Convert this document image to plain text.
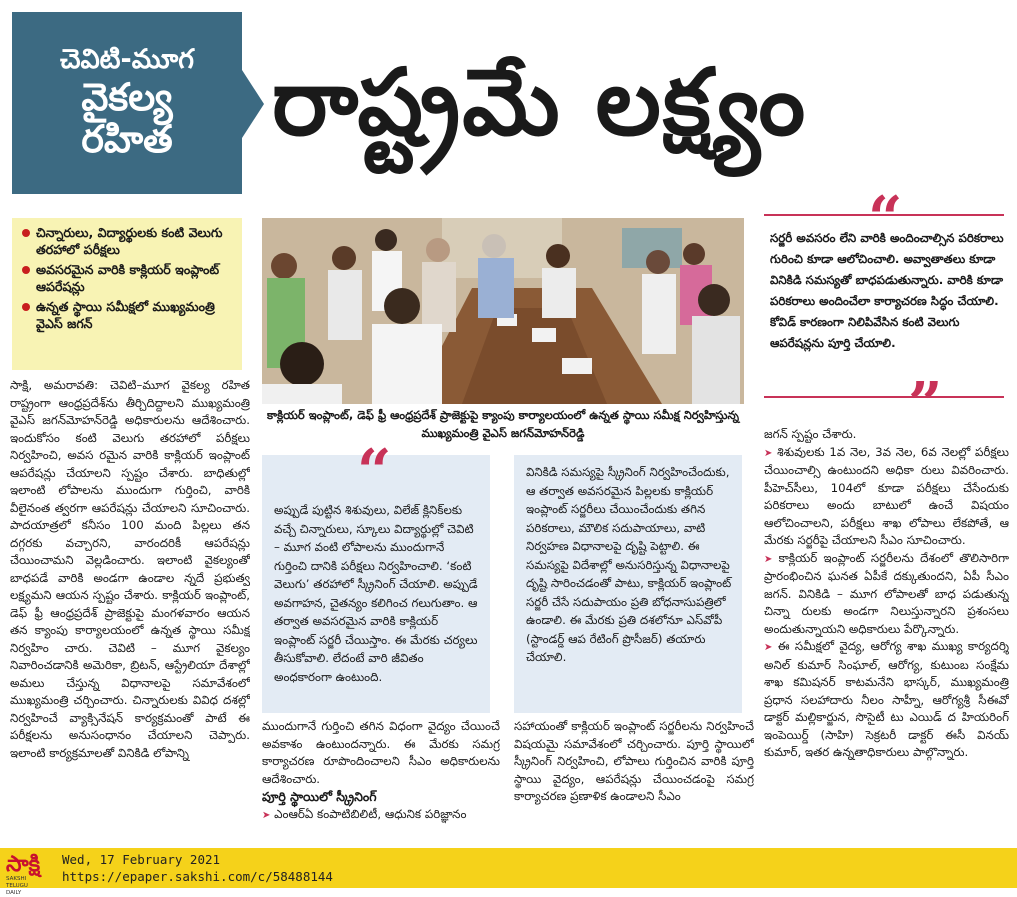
చెవిటి-మూగ
వైకల్య
రహిత రాష్ట్రమే లక్ష్యం
చిన్నారులు, విద్యార్థులకు కంటి వెలుగు తరహాలో పరీక్షలు
అవసరమైన వారికి కాక్లియర్ ఇంప్లాంట్ ఆపరేషన్లు
ఉన్నత స్థాయి సమీక్షలో ముఖ్యమంత్రి వైఎస్ జగన్
సాక్షి, అమరావతి: చెవిటి–మూగ వైకల్య రహిత రాష్ట్రంగా ఆంధ్రప్రదేశ్‌ను తీర్చిదిద్దాలని ముఖ్యమంత్రి వైఎస్ జగన్‌మోహన్‌రెడ్డి అధికారులను ఆదేశించారు. ఇందుకోసం కంటి వెలుగు తరహాలో పరీక్షలు నిర్వహించి, అవస రమైన వారికి కాక్లియర్ ఇంప్లాంట్ ఆపరేషన్లు చేయాలని స్పష్టం చేశారు. బాధితుల్లో ఇలాంటి లోపాలను ముందుగా గుర్తించి, వారికి వీలైనంత త్వరగా ఆపరేషన్లు చేయాలని సూచించారు. పాదయాత్రలో కనీసం 100 మంది పిల్లలు తన దగ్గరకు వచ్చారని, వారందరికీ ఆపరేషన్లు చేయించామని వెల్లడించారు. ఇలాంటి వైకల్యంతో బాధపడే వారికి అండగా ఉండాల న్నదే ప్రభుత్వ లక్ష్యమని ఆయన స్పష్టం చేశారు. కాక్లియర్ ఇంప్లాంట్, డెఫ్ ఫ్రీ ఆంధ్రప్రదేశ్ ప్రాజెక్టుపై మంగళవారం ఆయన తన క్యాంపు కార్యాలయంలో ఉన్నత స్థాయి సమీక్ష నిర్వహిం చారు. చెవిటి – మూగ వైకల్యం నివారించడానికి అమెరికా, బ్రిటన్, ఆస్ట్రేలియా దేశాల్లో అమలు చేస్తున్న విధానాలపై సమావేశంలో ముఖ్యమంత్రి చర్చించారు. చిన్నారులకు వివిధ దశల్లో నిర్వహించే వ్యాక్సినేషన్ కార్యక్రమంతో పాటే ఈ పరీక్షలను అనుసంధానం చేయాలని చెప్పారు. ఇలాంటి కార్యక్రమాలతో వినికిడి లోపాన్ని
కాక్లియర్ ఇంప్లాంట్, డెఫ్ ఫ్రీ ఆంధ్రప్రదేశ్ ప్రాజెక్టుపై క్యాంపు కార్యాలయంలో ఉన్నత స్థాయి సమీక్ష నిర్వహిస్తున్న ముఖ్యమంత్రి వైఎస్ జగన్‌మోహన్‌రెడ్డి
“
అప్పుడే పుట్టిన శిశువులు, విలేజ్ క్లినిక్‌లకు వచ్చే చిన్నారులు, స్కూలు విద్యార్థుల్లో చెవిటి – మూగ వంటి లోపాలను ముందుగానే గుర్తించి దానికి పరీక్షలు నిర్వహించాలి. ‘కంటి వెలుగు’ తరహాలో స్క్రీనింగ్ చేయాలి. అప్పుడే అవగాహన, చైతన్యం కలిగించ గలుగుతాం. ఆ తర్వాత అవసరమైన వారికి కాక్లియర్ ఇంప్లాంట్ సర్జరీ చేయిస్తాం. ఈ మేరకు చర్యలు తీసుకోవాలి. లేదంటే వారి జీవితం అంధకారంగా ఉంటుంది.
వినికిడి సమస్యపై స్క్రీనింగ్ నిర్వహించేందుకు, ఆ తర్వాత అవసరమైన పిల్లలకు కాక్లియర్ ఇంప్లాంట్ సర్జరీలు చేయించేందుకు తగిన పరికరాలు, మౌలిక సదుపాయాలు, వాటి నిర్వహణ విధానాలపై దృష్టి పెట్టాలి. ఈ సమస్యపై విదేశాల్లో అనుసరిస్తున్న విధానాలపై దృష్టి సారించడంతో పాటు, కాక్లియర్ ఇంప్లాంట్ సర్జరీ చేసే సదుపాయం ప్రతి బోధనాసుపత్రిలో ఉండాలి. ఈ మేరకు ప్రతి దశలోనూ ఎస్‌వోపీ (స్టాండర్డ్ ఆప రేటింగ్ ప్రొసీజర్) తయారు చేయాలి.
ముందుగానే గుర్తించి తగిన విధంగా వైద్యం చేయించే అవకాశం ఉంటుందన్నారు. ఈ మేరకు సమగ్ర కార్యాచరణ రూపొందించాలని సీఎం అధికారులను ఆదేశించారు.
పూర్తి స్థాయిలో స్క్రీనింగ్
➤ ఎంఆర్‌ఏ కంపాటిబిలిటీ, ఆధునిక పరిజ్ఞానం
సహాయంతో కాక్లియర్ ఇంప్లాంట్ సర్జరీలను నిర్వహించే విషయమై సమావేశంలో చర్చించారు. పూర్తి స్థాయిలో స్క్రీనింగ్ నిర్వహించి, లోపాలు గుర్తించిన వారికి పూర్తి స్థాయి వైద్యం, ఆపరేషన్లు చేయించడంపై సమగ్ర కార్యాచరణ ప్రణాళిక ఉండాలని సీఎం
“
సర్జరీ అవసరం లేని వారికి అందించాల్సిన పరికరాలు గురించి కూడా ఆలోచించాలి. అవ్వాతాతలు కూడా వినికిడి సమస్యతో బాధపడుతున్నారు. వారికి కూడా పరికరాలు అందించేలా కార్యాచరణ సిద్ధం చేయాలి. కోవిడ్ కారణంగా నిలిపివేసిన కంటి వెలుగు ఆపరేషన్లను పూర్తి చేయాలి.
”
జగన్ స్పష్టం చేశారు.
➤ శిశువులకు 1వ నెల, 3వ నెల, 6వ నెలల్లో పరీక్షలు చేయించాల్సి ఉంటుందని అధికా రులు వివరించారు. పీహెచ్‌సీలు, 104లో కూడా పరీక్షలు చేసేందుకు పరికరాలు అందు బాటులో ఉంచే విషయం ఆలోచించాలని, పరీక్షలు శాఖ లోపాలు లేకపోతే, ఆ మేరకు సర్జరీపై చేయాలని సీఎం సూచించారు.
➤ కాక్లియర్ ఇంప్లాంట్ సర్జరీలను దేశంలో తొలిసారిగా ప్రారంభించిన ఘనత ఏపీకే దక్కుతుందని, ఏపీ సీఎం జగన్. వినికిడి – మూగ లోపాలతో బాధ పడుతున్న చిన్నా రులకు అండగా నిలుస్తున్నారని ప్రశంసలు అందుతున్నాయని అధికారులు పేర్కొన్నారు.
➤ ఈ సమీక్షలో వైద్య, ఆరోగ్య శాఖ ముఖ్య కార్యదర్శి అనిల్ కుమార్ సింఘాల్, ఆరోగ్య, కుటుంబ సంక్షేమ శాఖ కమిషనర్ కాటమనేని భాస్కర్, ముఖ్యమంత్రి ప్రధాన సలహాదారు నీలం సాహ్నీ, ఆరోగ్యశ్రీ సీఈవో డాక్టర్ మల్లికార్జున, సొసైటీ టు ఎయిడ్ ద హియరింగ్ ఇంపెయిర్డ్ (సాహి) సెక్రటరీ డాక్టర్ ఈసీ వినయ్ కుమార్, ఇతర ఉన్నతాధికారులు పాల్గొన్నారు.
సాక్షి
SAKSHI TELUGU DAILY
Wed, 17 February 2021
https://epaper.sakshi.com/c/58488144
